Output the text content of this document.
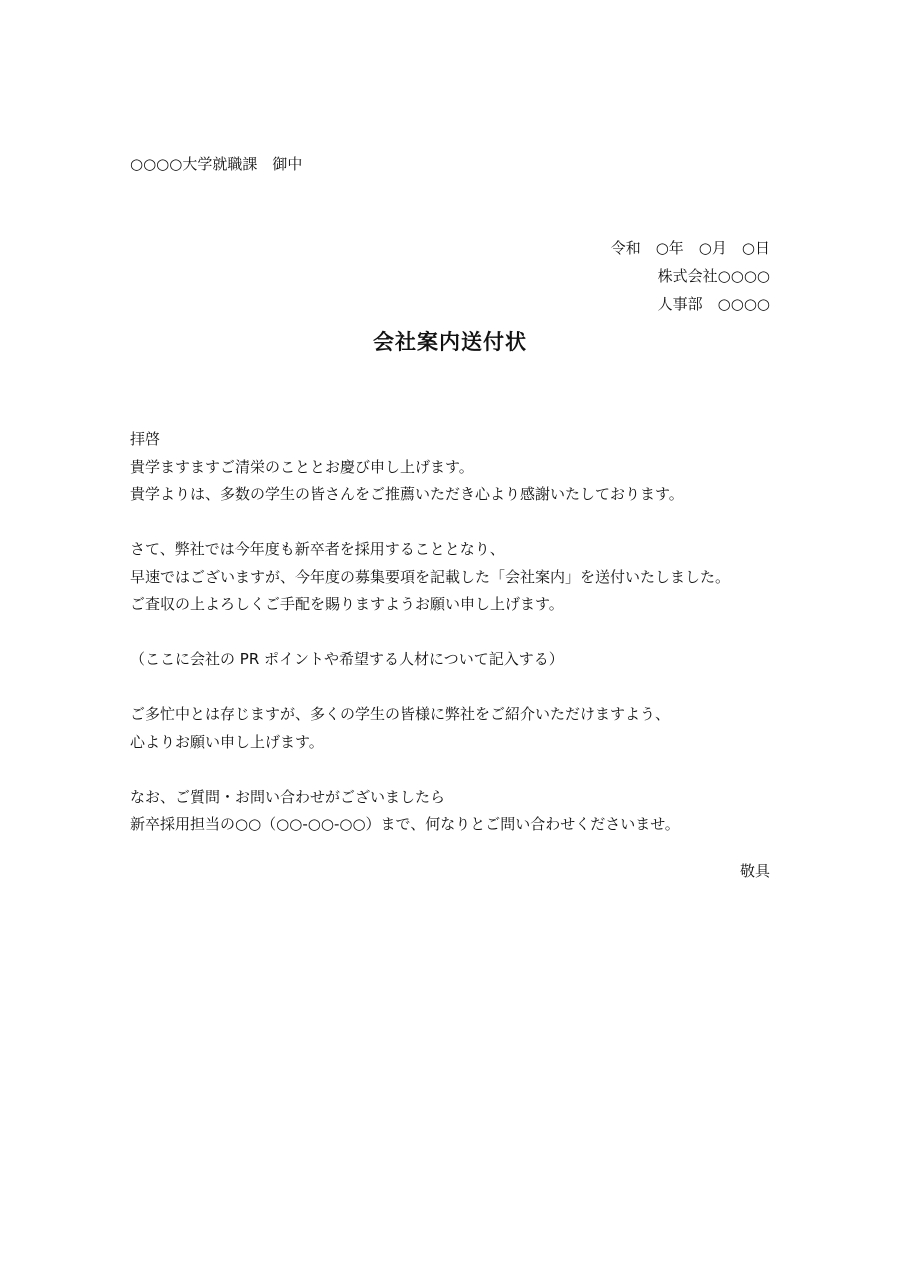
○○○○大学就職課　御中
令和　○年　○月　○日
株式会社○○○○
人事部　○○○○
会社案内送付状
拝啓
貴学ますますご清栄のこととお慶び申し上げます。
貴学よりは、多数の学生の皆さんをご推薦いただき心より感謝いたしております。
さて、弊社では今年度も新卒者を採用することとなり、
早速ではございますが、今年度の募集要項を記載した「会社案内」を送付いたしました。
ご査収の上よろしくご手配を賜りますようお願い申し上げます。
（ここに会社の PR ポイントや希望する人材について記入する）
ご多忙中とは存じますが、多くの学生の皆様に弊社をご紹介いただけますよう、
心よりお願い申し上げます。
なお、ご質問・お問い合わせがございましたら
新卒採用担当の○○（○○-○○-○○）まで、何なりとご問い合わせくださいませ。
敬具
